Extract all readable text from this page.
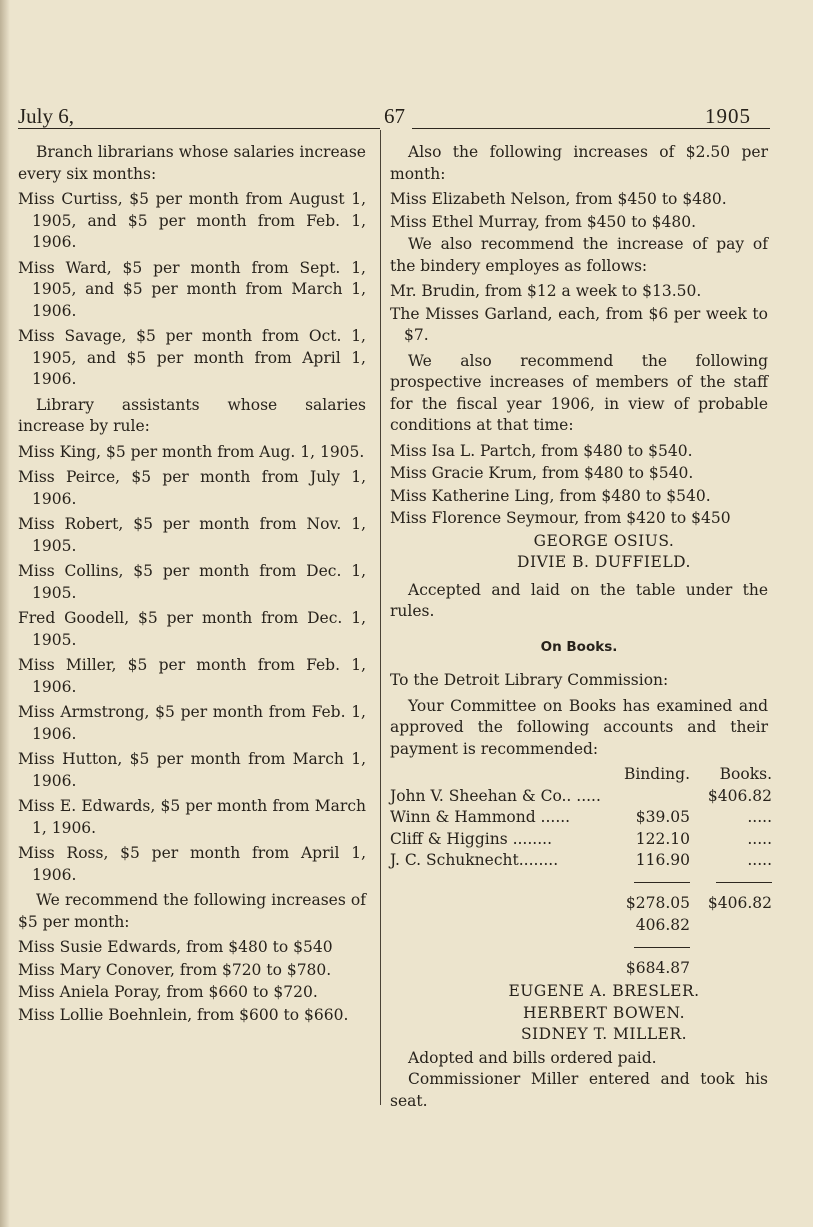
July 6,	67	1905

Branch librarians whose salaries increase every six months:

Miss Curtiss, $5 per month from August 1, 1905, and $5 per month from Feb. 1, 1906.

Miss Ward, $5 per month from Sept. 1, 1905, and $5 per month from March 1, 1906.

Miss Savage, $5 per month from Oct. 1, 1905, and $5 per month from April 1, 1906.

Library assistants whose salaries increase by rule:

Miss King, $5 per month from Aug. 1, 1905.

Miss Peirce, $5 per month from July 1, 1906.

Miss Robert, $5 per month from Nov. 1, 1905.

Miss Collins, $5 per month from Dec. 1, 1905.

Fred Goodell, $5 per month from Dec. 1, 1905.

Miss Miller, $5 per month from Feb. 1, 1906.

Miss Armstrong, $5 per month from Feb. 1, 1906.

Miss Hutton, $5 per month from March 1, 1906.

Miss E. Edwards, $5 per month from March 1, 1906.

Miss Ross, $5 per month from April 1, 1906.

We recommend the following increases of $5 per month:

Miss Susie Edwards, from $480 to $540

Miss Mary Conover, from $720 to $780.

Miss Aniela Poray, from $660 to $720.

Miss Lollie Boehnlein, from $600 to $660.

Also the following increases of $2.50 per month:

Miss Elizabeth Nelson, from $450 to $480.

Miss Ethel Murray, from $450 to $480.

We also recommend the increase of pay of the bindery employes as follows:

Mr. Brudin, from $12 a week to $13.50.

The Misses Garland, each, from $6 per week to $7.

We also recommend the following prospective increases of members of the staff for the fiscal year 1906, in view of probable conditions at that time:

Miss Isa L. Partch, from $480 to $540.

Miss Gracie Krum, from $480 to $540.

Miss Katherine Ling, from $480 to $540.

Miss Florence Seymour, from $420 to $450

GEORGE OSIUS.

DIVIE B. DUFFIELD.

Accepted and laid on the table under the rules.

On Books.

To the Detroit Library Commission:

Your Committee on Books has examined and approved the following accounts and their payment is recommended:

	Binding.	Books.
John V. Sheehan & Co.. .....		$406.82
Winn & Hammond ......	$39.05	.....
Cliff & Higgins ........	122.10	.....
J. C. Schuknecht........	116.90	.....

	$278.05	$406.82
	406.82	

	$684.87	

EUGENE A. BRESLER.

HERBERT BOWEN.

SIDNEY T. MILLER.

Adopted and bills ordered paid.

Commissioner Miller entered and took his seat.
